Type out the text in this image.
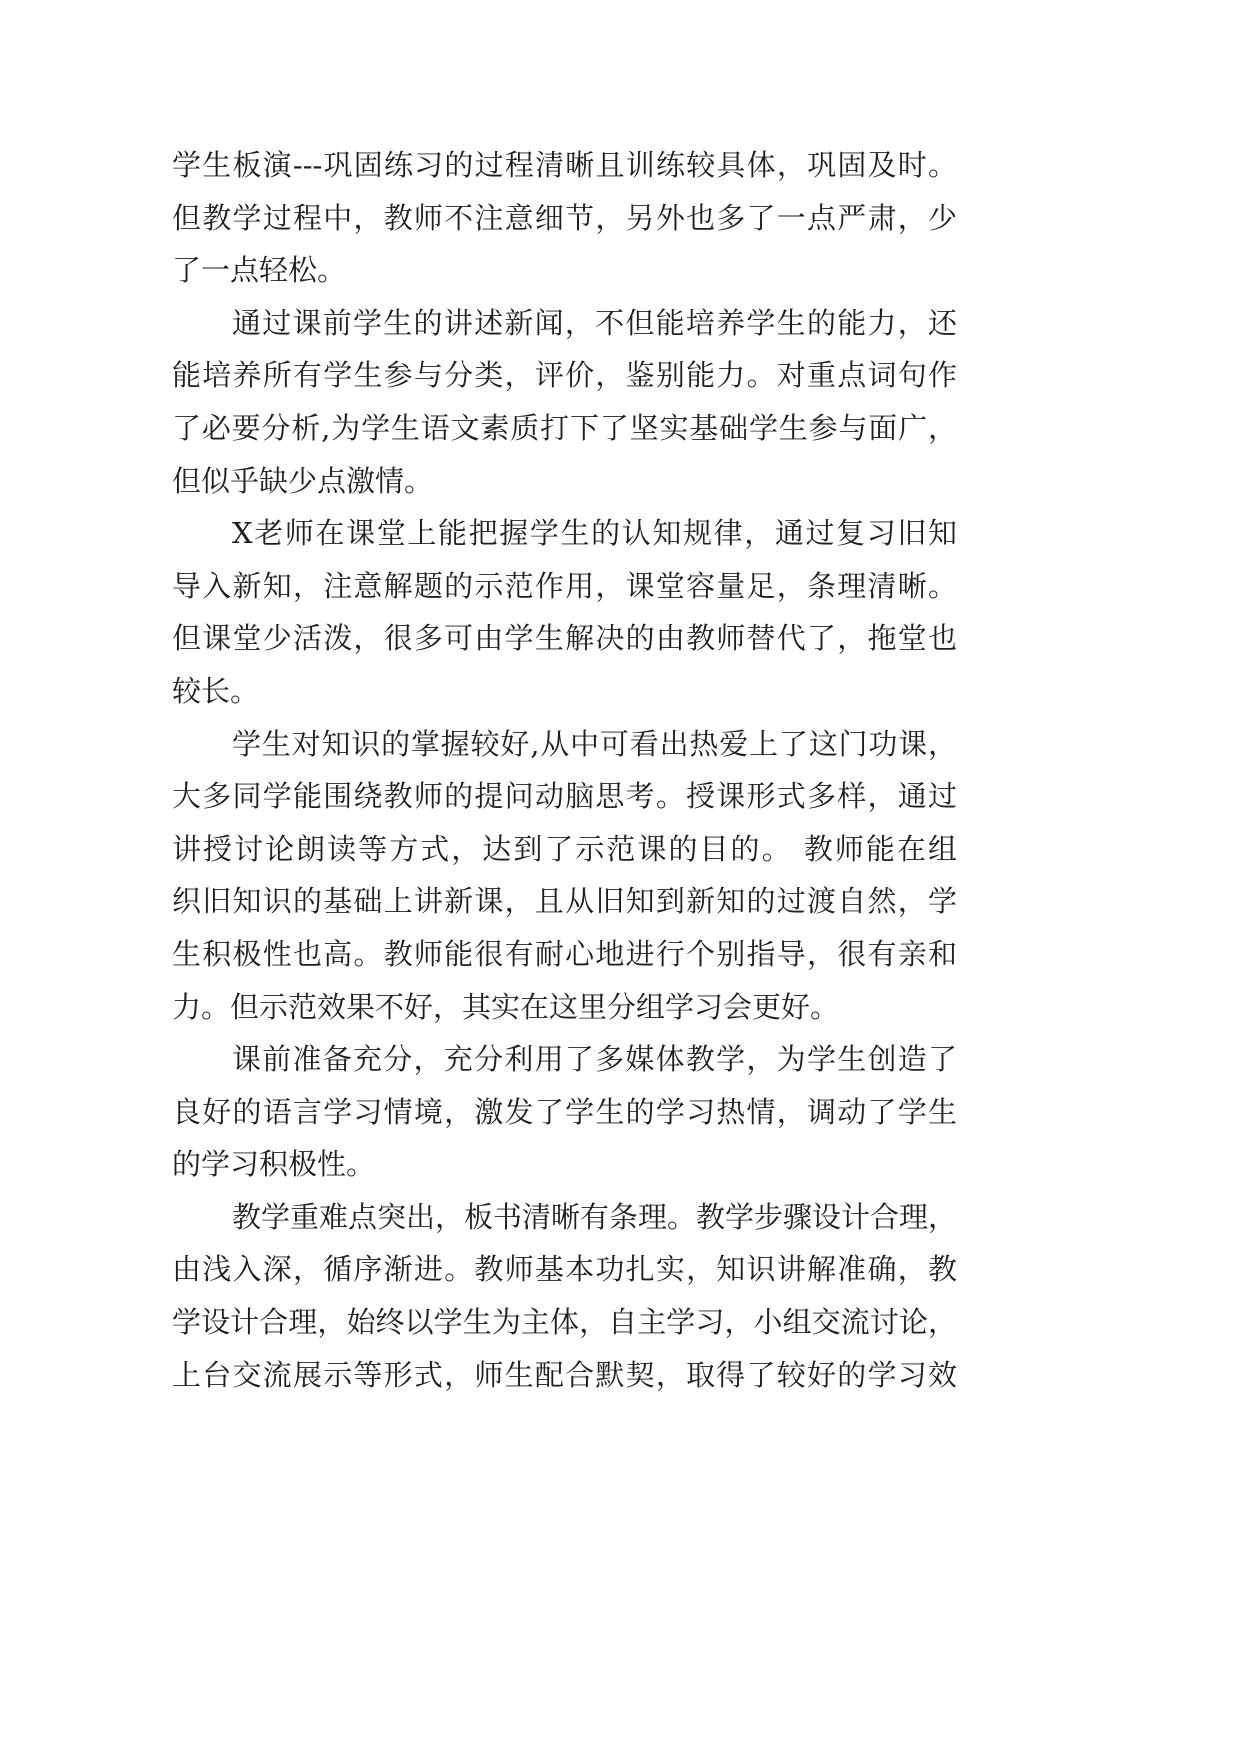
学生板演---巩固练习的过程清晰且训练较具体，巩固及时。
但教学过程中，教师不注意细节，另外也多了一点严肃，少
了一点轻松。
通过课前学生的讲述新闻，不但能培养学生的能力，还
能培养所有学生参与分类，评价，鉴别能力。对重点词句作
了必要分析,为学生语文素质打下了坚实基础学生参与面广，
但似乎缺少点激情。
X老师在课堂上能把握学生的认知规律，通过复习旧知
导入新知，注意解题的示范作用，课堂容量足，条理清晰。
但课堂少活泼，很多可由学生解决的由教师替代了，拖堂也
较长。
学生对知识的掌握较好,从中可看出热爱上了这门功课，
大多同学能围绕教师的提问动脑思考。授课形式多样，通过
讲授讨论朗读等方式，达到了示范课的目的。 教师能在组
织旧知识的基础上讲新课，且从旧知到新知的过渡自然，学
生积极性也高。教师能很有耐心地进行个别指导，很有亲和
力。但示范效果不好，其实在这里分组学习会更好。
课前准备充分，充分利用了多媒体教学，为学生创造了
良好的语言学习情境，激发了学生的学习热情，调动了学生
的学习积极性。
教学重难点突出，板书清晰有条理。教学步骤设计合理，
由浅入深，循序渐进。教师基本功扎实，知识讲解准确，教
学设计合理，始终以学生为主体，自主学习，小组交流讨论，
上台交流展示等形式，师生配合默契，取得了较好的学习效
